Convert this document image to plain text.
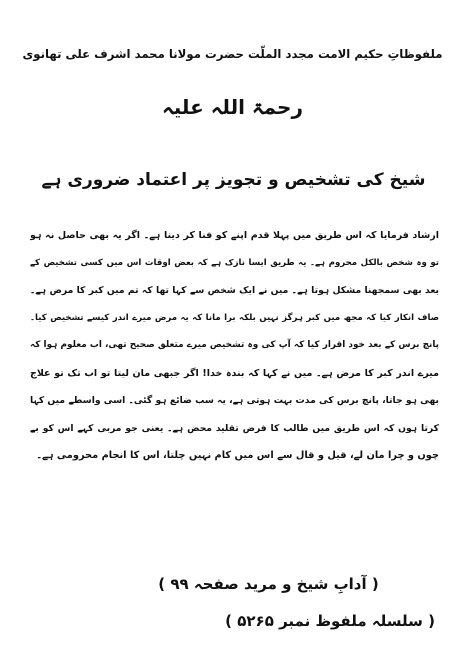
ملفوظاتِ حکیم الامت مجدد الملّت حضرت مولانا محمد اشرف علی تھانوی
رحمۃ اللہ علیہ
شیخ کی تشخیص و تجویز پر اعتماد ضروری ہے
ارشاد فرمایا کہ اس طریق میں پہلا قدم اپنے کو فنا کر دینا ہے۔ اگر یہ بھی حاصل نہ ہو
تو وہ شخص بالکل محروم ہے۔ یہ طریق ایسا نازک ہے کہ بعض اوقات اس میں کسی تشخیص کے
بعد بھی سمجھنا مشکل ہوتا ہے۔ میں نے ایک شخص سے کہا تھا کہ تم میں کبر کا مرض ہے۔
صاف انکار کیا کہ مجھ میں کبر ہرگز نہیں بلکہ برا مانا کہ یہ مرض میرے اندر کیسے تشخیص کیا۔
پانچ برس کے بعد خود اقرار کیا کہ آپ کی وہ تشخیص میرے متعلق صحیح تھی، اب معلوم ہوا کہ
میرے اندر کبر کا مرض ہے۔ میں نے کہا کہ بندہ خدا! اگر جبھی مان لیتا تو اب تک تو علاج
بھی ہو جاتا، پانچ برس کی مدت بہت ہوتی ہے، یہ سب ضائع ہو گئی۔ اسی واسطے میں کہا
کرتا ہوں کہ اس طریق میں طالب کا فرض تقلید محض ہے۔ یعنی جو مربی کہے اس کو بے
چوں و چرا مان لے، قیل و قال سے اس میں کام نہیں چلتا، اس کا انجام محرومی ہے۔
( آدابِ شیخ و مرید صفحہ ۹۹ )
( سلسلہ ملفوظ نمبر ۵۲۶۵ )
